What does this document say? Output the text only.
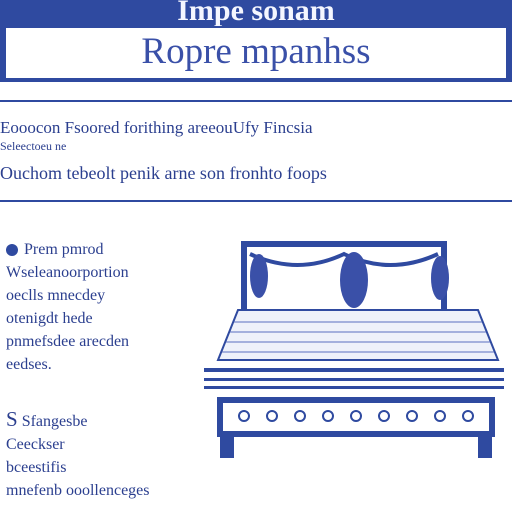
Impe sonam
Ropre mpanhss
Eooocon Fsoored forithing areeouUfy Fincsia
Seleectoeu ne
Ouchom tebeolt penik arne son fronhto foops
Prem pmrod
Wseleanoorportion
oeclls mnecdey
otenigdt hede
pnmefsdee arecden
eedses.
S Sfangesbe
Ceeckser
bceestifis
mnefenb ooollenceges
